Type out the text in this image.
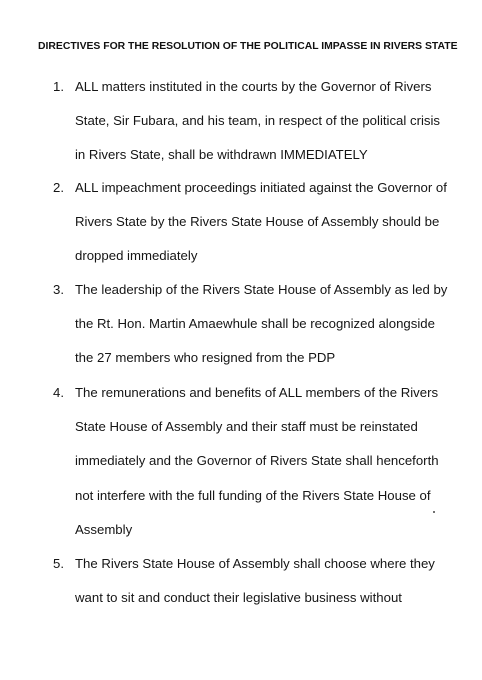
DIRECTIVES FOR THE RESOLUTION OF THE POLITICAL IMPASSE IN RIVERS STATE
1. ALL matters instituted in the courts by the Governor of Rivers
State, Sir Fubara, and his team, in respect of the political crisis
in Rivers State, shall be withdrawn IMMEDIATELY
2. ALL impeachment proceedings initiated against the Governor of
Rivers State by the Rivers State House of Assembly should be
dropped immediately
3. The leadership of the Rivers State House of Assembly as led by
the Rt. Hon. Martin Amaewhule shall be recognized alongside
the 27 members who resigned from the PDP
4. The remunerations and benefits of ALL members of the Rivers
State House of Assembly and their staff must be reinstated
immediately and the Governor of Rivers State shall henceforth
not interfere with the full funding of the Rivers State House of
Assembly
5. The Rivers State House of Assembly shall choose where they
want to sit and conduct their legislative business without
